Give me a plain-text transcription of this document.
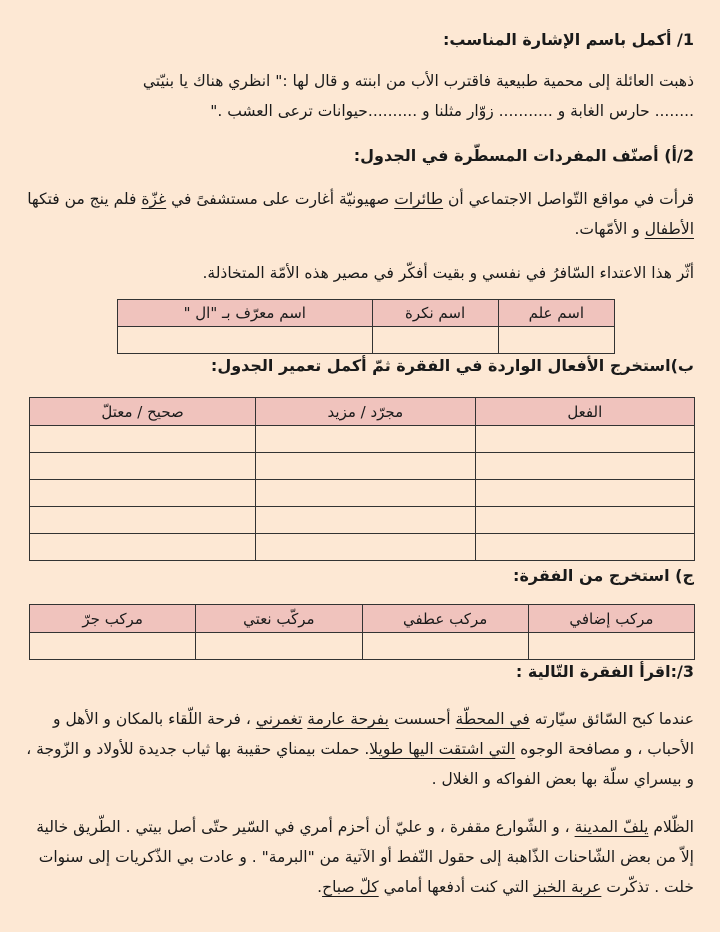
1/ أكمل باسم الإشارة المناسب:
ذهبت العائلة إلى محمية طبيعية فاقترب الأب من ابنته و قال لها :" انظري هناك يا بنيّتي
........ حارس الغابة و ........... زوّار مثلنا و ..........حيوانات ترعى العشب ."
2/أ) أصنّف المفردات المسطّرة في الجدول:
قرأت في مواقع التّواصل الاجتماعي أن طائرات صهيونيّة أغارت على مستشفىً في غزّة فلم ينج من فتكها الأطفال و الأمّهات.
أثّر هذا الاعتداء السّافرُ في نفسي و بقيت أفكّر في مصير هذه الأمّة المتخاذلة.
اسم علم	اسم نكرة	اسم معرّف بـ "ال "

ب)استخرج الأفعال الواردة في الفقرة ثمّ أكمل تعمير الجدول:
الفعل	مجرّد / مزيد	صحيح / معتلّ

ج) استخرج من الفقرة:
مركب إضافي	مركب عطفي	مركّب نعتي	مركب جرّ

3/:اقرأ الفقرة التّالية :
عندما كبح السّائق سيّارته في المحطّة أحسست بفرحة عارمة تغمرني ، فرحة اللّقاء بالمكان و الأهل و الأحباب ، و مصافحة الوجوه التي اشتقت اليها طويلا. حملت بيمناي حقيبة بها ثياب جديدة للأولاد و الزّوجة ، و بيسراي سلّة بها بعض الفواكه و الغلال .
الظّلام يلفّ المدينة ، و الشّوارع مقفرة ، و عليّ أن أحزم أمري في السّير حتّى أصل بيتي . الطّريق خالية إلاّ من بعض الشّاحنات الذّاهبة إلى حقول النّفط أو الآتية من "البرمة" . و عادت بي الذّكريات إلى سنوات خلت . تذكّرت عربة الخبز التي كنت أدفعها أمامي كلّ صباح.
